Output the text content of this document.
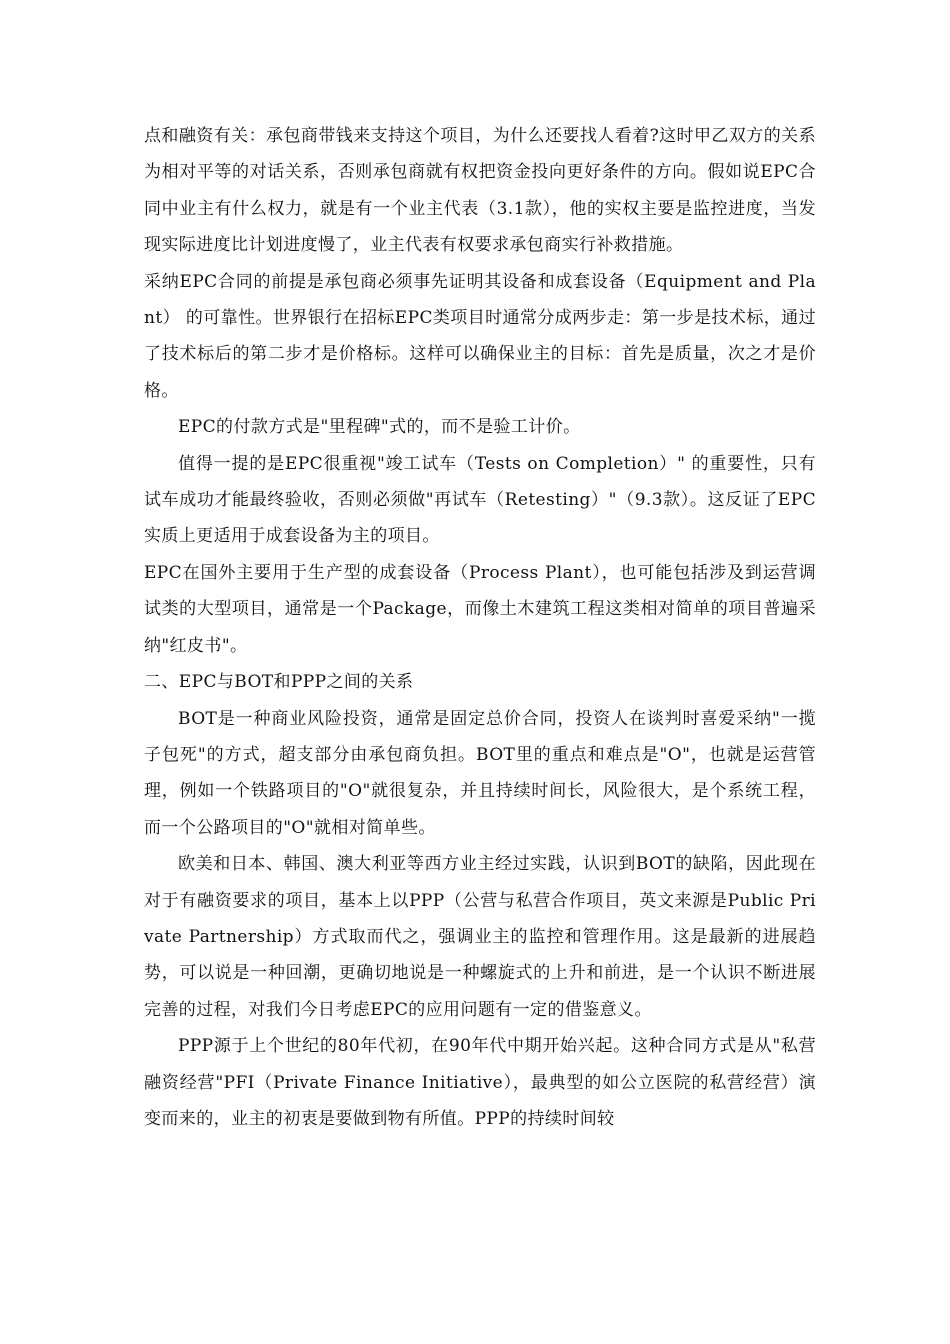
点和融资有关：承包商带钱来支持这个项目，为什么还要找人看着?这时甲乙双方的关系为相对平等的对话关系，否则承包商就有权把资金投向更好条件的方向。假如说EPC合同中业主有什么权力，就是有一个业主代表（3.1款），他的实权主要是监控进度，当发现实际进度比计划进度慢了，业主代表有权要求承包商实行补救措施。

采纳EPC合同的前提是承包商必须事先证明其设备和成套设备（Equipment and Plant） 的可靠性。世界银行在招标EPC类项目时通常分成两步走：第一步是技术标，通过了技术标后的第二步才是价格标。这样可以确保业主的目标：首先是质量，次之才是价格。

EPC的付款方式是"里程碑"式的，而不是验工计价。

值得一提的是EPC很重视"竣工试车（Tests on Completion）" 的重要性，只有试车成功才能最终验收，否则必须做"再试车（Retesting）"（9.3款）。这反证了EPC实质上更适用于成套设备为主的项目。

EPC在国外主要用于生产型的成套设备（Process Plant），也可能包括涉及到运营调试类的大型项目，通常是一个Package，而像土木建筑工程这类相对简单的项目普遍采纳"红皮书"。

二、EPC与BOT和PPP之间的关系

BOT是一种商业风险投资，通常是固定总价合同，投资人在谈判时喜爱采纳"一揽子包死"的方式，超支部分由承包商负担。BOT里的重点和难点是"O"，也就是运营管理，例如一个铁路项目的"O"就很复杂，并且持续时间长，风险很大，是个系统工程，而一个公路项目的"O"就相对简单些。

欧美和日本、韩国、澳大利亚等西方业主经过实践，认识到BOT的缺陷，因此现在对于有融资要求的项目，基本上以PPP（公营与私营合作项目，英文来源是Public Private Partnership）方式取而代之，强调业主的监控和管理作用。这是最新的进展趋势，可以说是一种回潮，更确切地说是一种螺旋式的上升和前进，是一个认识不断进展完善的过程，对我们今日考虑EPC的应用问题有一定的借鉴意义。

PPP源于上个世纪的80年代初，在90年代中期开始兴起。这种合同方式是从"私营融资经营"PFI（Private Finance Initiative），最典型的如公立医院的私营经营）演变而来的，业主的初衷是要做到物有所值。PPP的持续时间较
